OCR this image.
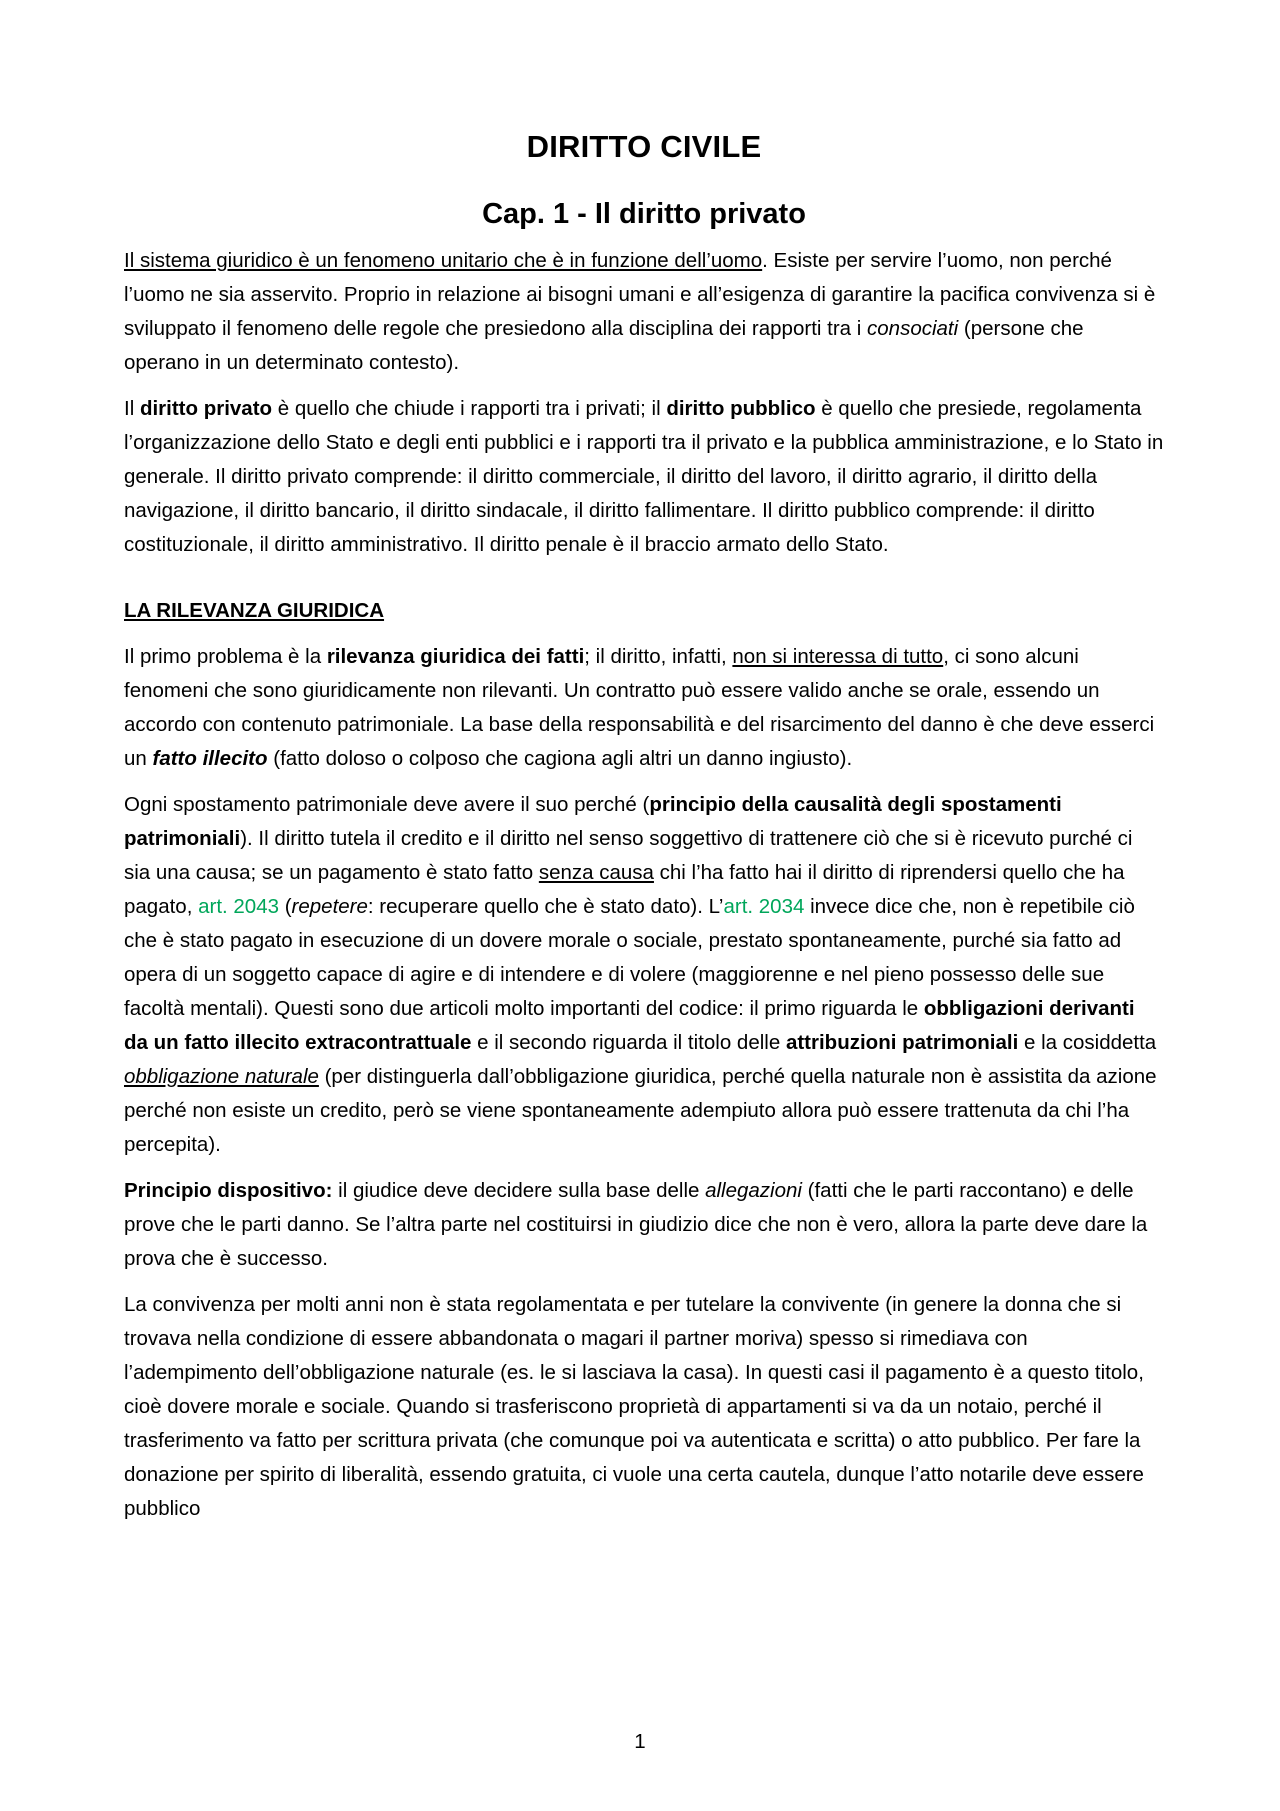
DIRITTO CIVILE
Cap. 1 - Il diritto privato

Il sistema giuridico è un fenomeno unitario che è in funzione dell’uomo. Esiste per servire l’uomo, non perché l’uomo ne sia asservito. Proprio in relazione ai bisogni umani e all’esigenza di garantire la pacifica convivenza si è sviluppato il fenomeno delle regole che presiedono alla disciplina dei rapporti tra i consociati (persone che operano in un determinato contesto).

Il diritto privato è quello che chiude i rapporti tra i privati; il diritto pubblico è quello che presiede, regolamenta l’organizzazione dello Stato e degli enti pubblici e i rapporti tra il privato e la pubblica amministrazione, e lo Stato in generale. Il diritto privato comprende: il diritto commerciale, il diritto del lavoro, il diritto agrario, il diritto della navigazione, il diritto bancario, il diritto sindacale, il diritto fallimentare. Il diritto pubblico comprende: il diritto costituzionale, il diritto amministrativo. Il diritto penale è il braccio armato dello Stato.

LA RILEVANZA GIURIDICA

Il primo problema è la rilevanza giuridica dei fatti; il diritto, infatti, non si interessa di tutto, ci sono alcuni fenomeni che sono giuridicamente non rilevanti. Un contratto può essere valido anche se orale, essendo un accordo con contenuto patrimoniale. La base della responsabilità e del risarcimento del danno è che deve esserci un fatto illecito (fatto doloso o colposo che cagiona agli altri un danno ingiusto).

Ogni spostamento patrimoniale deve avere il suo perché (principio della causalità degli spostamenti patrimoniali). Il diritto tutela il credito e il diritto nel senso soggettivo di trattenere ciò che si è ricevuto purché ci sia una causa; se un pagamento è stato fatto senza causa chi l’ha fatto hai il diritto di riprendersi quello che ha pagato, art. 2043 (repetere: recuperare quello che è stato dato). L’art. 2034 invece dice che, non è repetibile ciò che è stato pagato in esecuzione di un dovere morale o sociale, prestato spontaneamente, purché sia fatto ad opera di un soggetto capace di agire e di intendere e di volere (maggiorenne e nel pieno possesso delle sue facoltà mentali). Questi sono due articoli molto importanti del codice: il primo riguarda le obbligazioni derivanti da un fatto illecito extracontrattuale e il secondo riguarda il titolo delle attribuzioni patrimoniali e la cosiddetta obbligazione naturale (per distinguerla dall’obbligazione giuridica, perché quella naturale non è assistita da azione perché non esiste un credito, però se viene spontaneamente adempiuto allora può essere trattenuta da chi l’ha percepita).

Principio dispositivo: il giudice deve decidere sulla base delle allegazioni (fatti che le parti raccontano) e delle prove che le parti danno. Se l’altra parte nel costituirsi in giudizio dice che non è vero, allora la parte deve dare la prova che è successo.

La convivenza per molti anni non è stata regolamentata e per tutelare la convivente (in genere la donna che si trovava nella condizione di essere abbandonata o magari il partner moriva) spesso si rimediava con l’adempimento dell’obbligazione naturale (es. le si lasciava la casa). In questi casi il pagamento è a questo titolo, cioè dovere morale e sociale. Quando si trasferiscono proprietà di appartamenti si va da un notaio, perché il trasferimento va fatto per scrittura privata (che comunque poi va autenticata e scritta) o atto pubblico. Per fare la donazione per spirito di liberalità, essendo gratuita, ci vuole una certa cautela, dunque l’atto notarile deve essere pubblico

1
